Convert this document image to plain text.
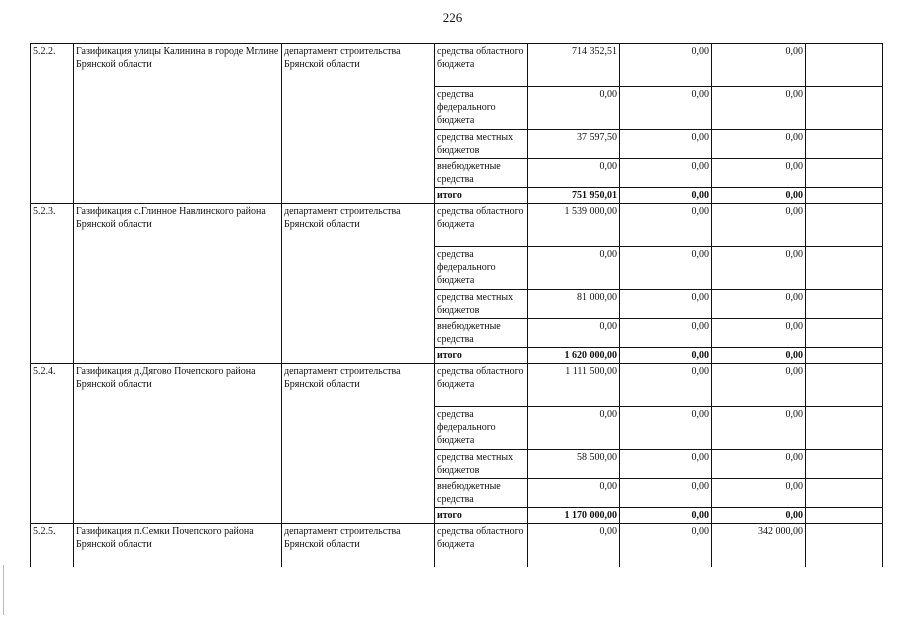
226
5.2.2.	Газификация улицы Калинина в городе Мглине Брянской области	департамент строительства Брянской области	средства областного бюджета	714 352,51	0,00	0,00	
			средства федерального бюджета	0,00	0,00	0,00	
			средства местных бюджетов	37 597,50	0,00	0,00	
			внебюджетные средства	0,00	0,00	0,00	
			итого	751 950,01	0,00	0,00	
5.2.3.	Газификация с.Глинное Навлинского района Брянской области	департамент строительства Брянской области	средства областного бюджета	1 539 000,00	0,00	0,00	
			средства федерального бюджета	0,00	0,00	0,00	
			средства местных бюджетов	81 000,00	0,00	0,00	
			внебюджетные средства	0,00	0,00	0,00	
			итого	1 620 000,00	0,00	0,00	
5.2.4.	Газификация д.Дягово Почепского района Брянской области	департамент строительства Брянской области	средства областного бюджета	1 111 500,00	0,00	0,00	
			средства федерального бюджета	0,00	0,00	0,00	
			средства местных бюджетов	58 500,00	0,00	0,00	
			внебюджетные средства	0,00	0,00	0,00	
			итого	1 170 000,00	0,00	0,00	
5.2.5.	Газификация п.Семки Почепского района Брянской области	департамент строительства Брянской области	средства областного бюджета	0,00	0,00	342 000,00	
